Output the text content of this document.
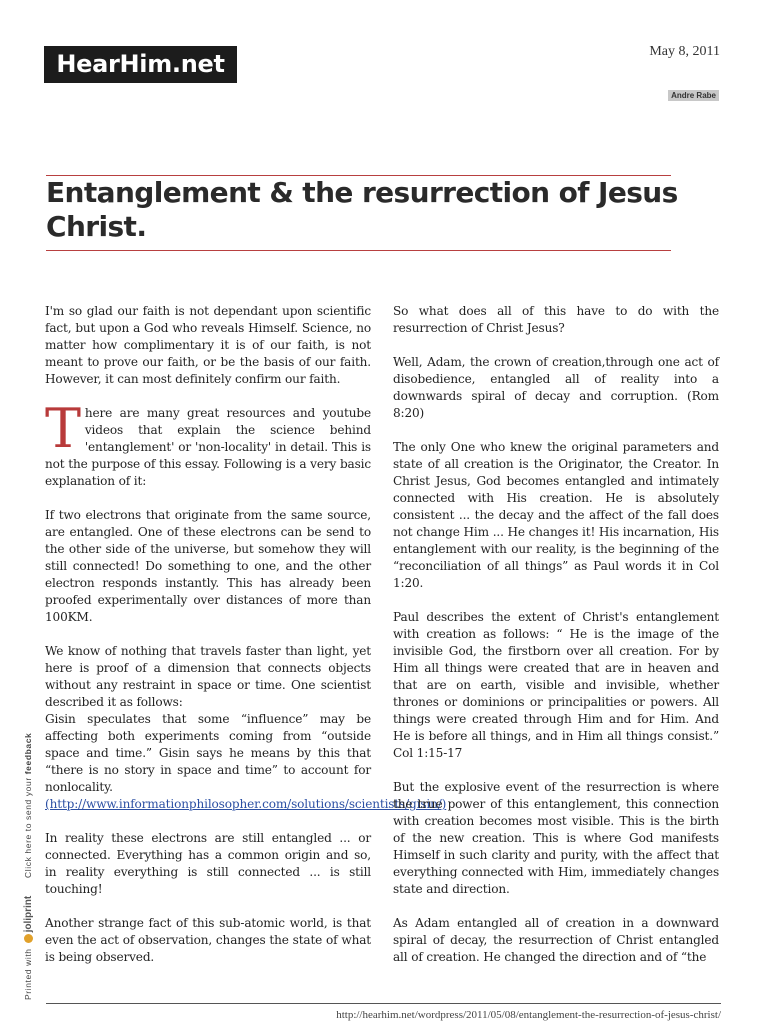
HearHim.net	May 8, 2011
Andre Rabe
Entanglement & the resurrection of Jesus Christ.

I'm so glad our faith is not dependant upon scientific fact, but upon a God who reveals Himself. Science, no matter how complimentary it is of our faith, is not meant to prove our faith, or be the basis of our faith. However, it can most definitely confirm our faith.

There are many great resources and youtube videos that explain the science behind 'entanglement' or 'non-locality' in detail. This is not the purpose of this essay. Following is a very basic explanation of it:

If two electrons that originate from the same source, are entangled. One of these electrons can be send to the other side of the universe, but somehow they will still connected! Do something to one, and the other electron responds instantly. This has already been proofed experimentally over distances of more than 100KM.

We know of nothing that travels faster than light, yet here is proof of a dimension that connects objects without any restraint in space or time. One scientist described it as follows:
Gisin speculates that some “influence” may be affecting both experiments coming from “outside space and time.” Gisin says he means by this that “there is no story in space and time” to account for nonlocality. (http://www.informationphilosopher.com/solutions/scientists/gisin/)

In reality these electrons are still entangled ... or connected. Everything has a common origin and so, in reality everything is still connected ... is still touching!

Another strange fact of this sub-atomic world, is that even the act of observation, changes the state of what is being observed.

So what does all of this have to do with the resurrection of Christ Jesus?

Well, Adam, the crown of creation,through one act of disobedience, entangled all of reality into a downwards spiral of decay and corruption. (Rom 8:20)

The only One who knew the original parameters and state of all creation is the Originator, the Creator. In Christ Jesus, God becomes entangled and intimately connected with His creation. He is absolutely consistent ... the decay and the affect of the fall does not change Him ... He changes it! His incarnation, His entanglement with our reality, is the beginning of the “reconciliation of all things” as Paul words it in Col 1:20.

Paul describes the extent of Christ's entanglement with creation as follows: “ He is the image of the invisible God, the firstborn over all creation. For by Him all things were created that are in heaven and that are on earth, visible and invisible, whether thrones or dominions or principalities or powers. All things were created through Him and for Him. And He is before all things, and in Him all things consist.” Col 1:15-17

But the explosive event of the resurrection is where the true power of this entanglement, this connection with creation becomes most visible. This is the birth of the new creation. This is where God manifests Himself in such clarity and purity, with the affect that everything connected with Him, immediately changes state and direction.

As Adam entangled all of creation in a downward spiral of decay, the resurrection of Christ entangled all of creation. He changed the direction and of “the

Printed with joliprint      Click here to send your feedback
http://hearhim.net/wordpress/2011/05/08/entanglement-the-resurrection-of-jesus-christ/
